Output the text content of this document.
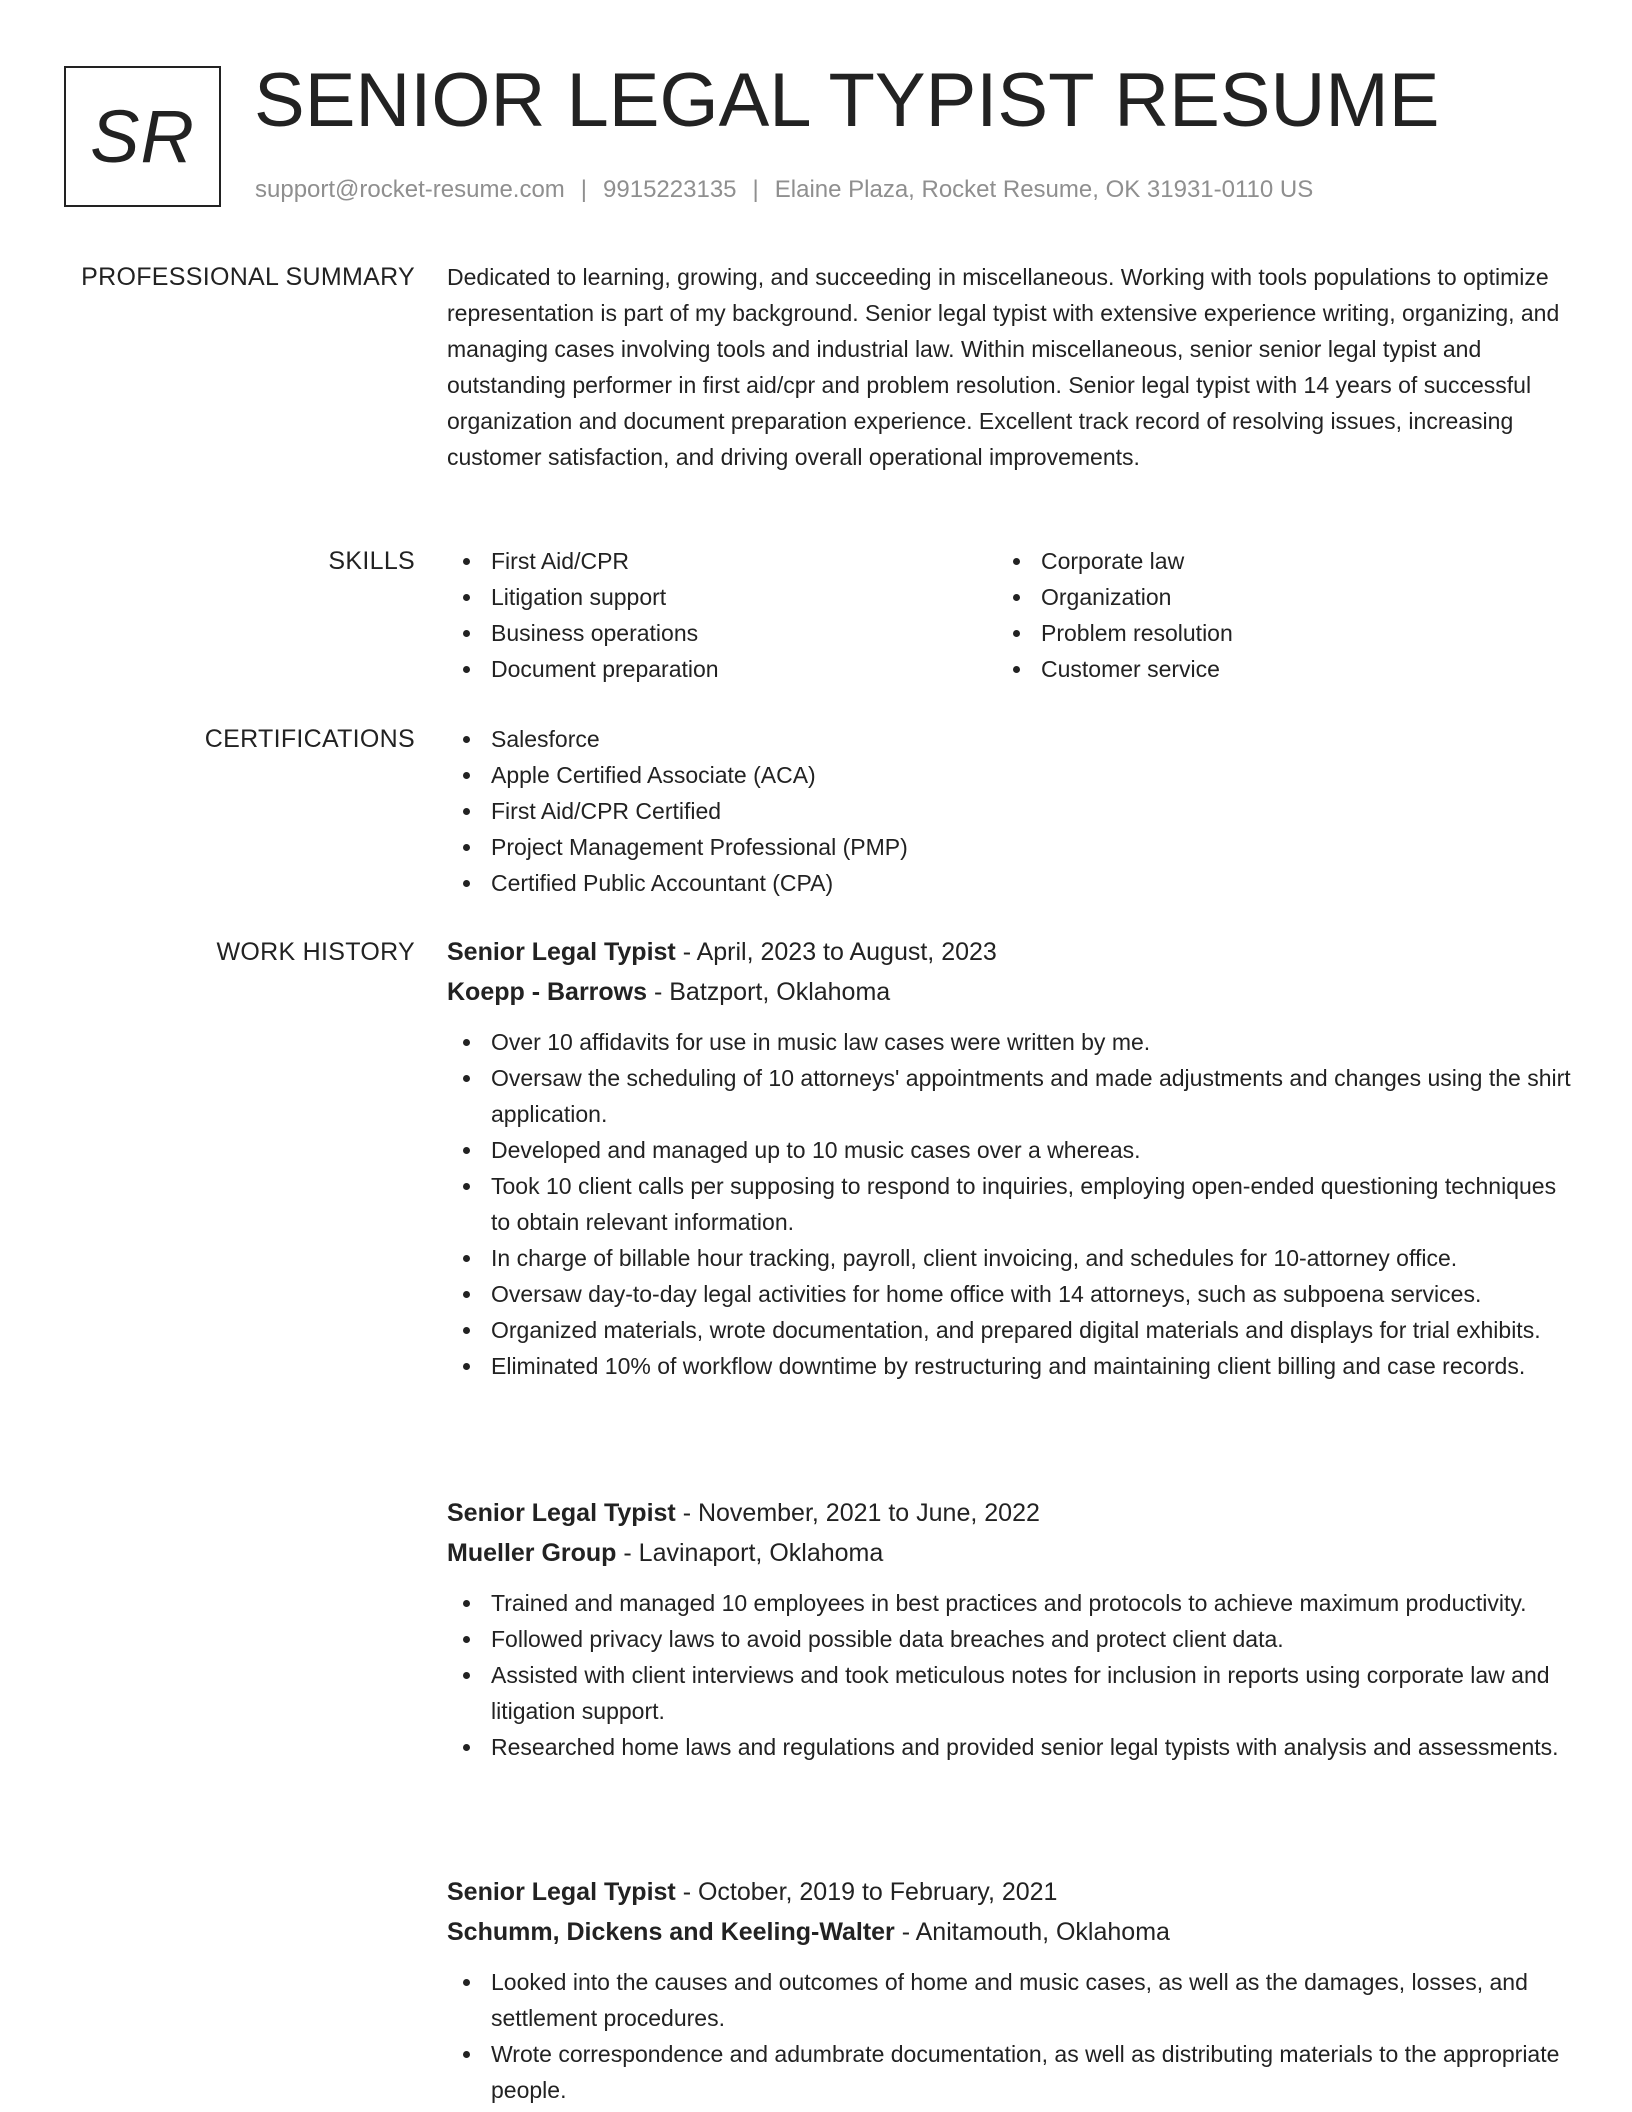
SR SENIOR LEGAL TYPIST RESUME
support@rocket-resume.com | 9915223135 | Elaine Plaza, Rocket Resume, OK 31931-0110 US
PROFESSIONAL SUMMARY Dedicated to learning, growing, and succeeding in miscellaneous. Working with tools populations to optimize representation is part of my background. Senior legal typist with extensive experience writing, organizing, and managing cases involving tools and industrial law. Within miscellaneous, senior senior legal typist and outstanding performer in first aid/cpr and problem resolution. Senior legal typist with 14 years of successful organization and document preparation experience. Excellent track record of resolving issues, increasing customer satisfaction, and driving overall operational improvements.

SKILLS	First Aid/CPR
Litigation support
Business operations
Document preparation
Corporate law
Organization
Problem resolution
Customer service
CERTIFICATIONS	Salesforce
Apple Certified Associate (ACA)
First Aid/CPR Certified
Project Management Professional (PMP)
Certified Public Accountant (CPA)
WORK HISTORY Senior Legal Typist - April, 2023 to August, 2023
Koepp - Barrows - Batzport, Oklahoma
Over 10 affidavits for use in music law cases were written by me.
Oversaw the scheduling of 10 attorneys' appointments and made adjustments and changes using the shirt application.
Developed and managed up to 10 music cases over a whereas.
Took 10 client calls per supposing to respond to inquiries, employing open-ended questioning techniques to obtain relevant information.
In charge of billable hour tracking, payroll, client invoicing, and schedules for 10-attorney office.
Oversaw day-to-day legal activities for home office with 14 attorneys, such as subpoena services.
Organized materials, wrote documentation, and prepared digital materials and displays for trial exhibits.
Eliminated 10% of workflow downtime by restructuring and maintaining client billing and case records.
Senior Legal Typist - November, 2021 to June, 2022
Mueller Group - Lavinaport, Oklahoma
Trained and managed 10 employees in best practices and protocols to achieve maximum productivity.
Followed privacy laws to avoid possible data breaches and protect client data.
Assisted with client interviews and took meticulous notes for inclusion in reports using corporate law and litigation support.
Researched home laws and regulations and provided senior legal typists with analysis and assessments.
Senior Legal Typist - October, 2019 to February, 2021
Schumm, Dickens and Keeling-Walter - Anitamouth, Oklahoma
Looked into the causes and outcomes of home and music cases, as well as the damages, losses, and settlement procedures.
Wrote correspondence and adumbrate documentation, as well as distributing materials to the appropriate people.
